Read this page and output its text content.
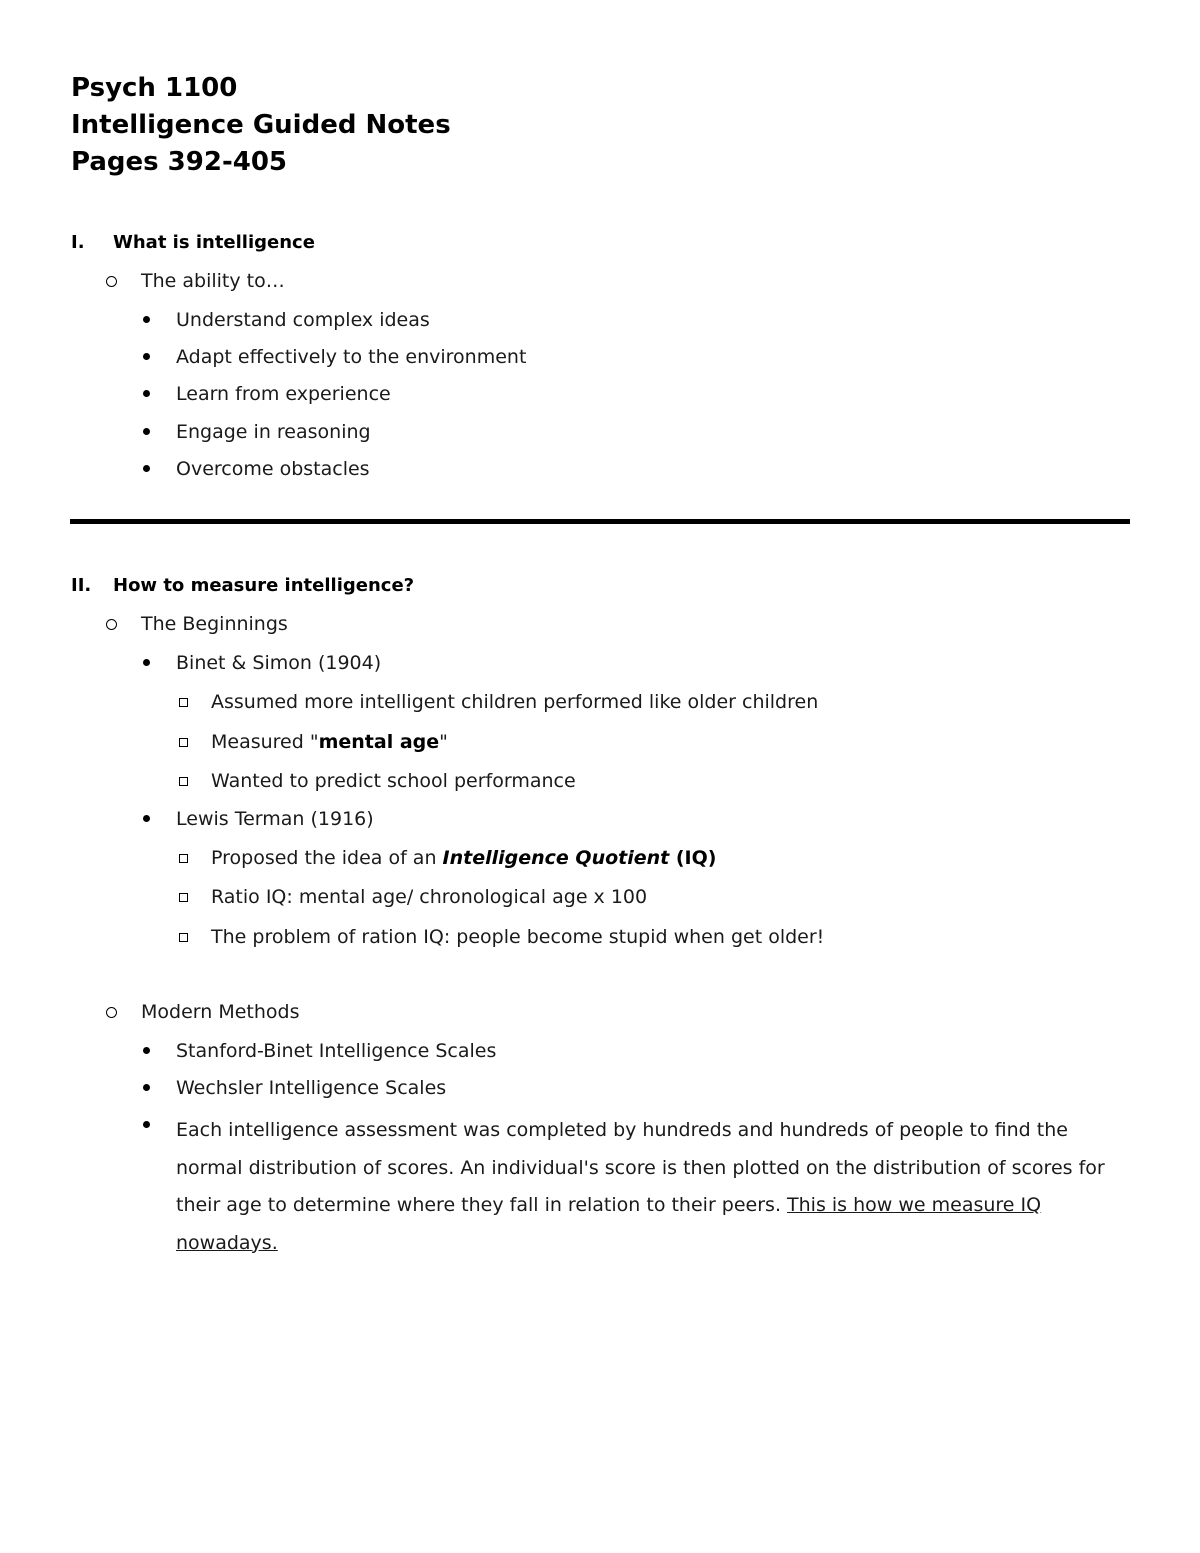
Psych 1100
Intelligence Guided Notes
Pages 392-405
I. What is intelligence
The ability to…
Understand complex ideas
Adapt effectively to the environment
Learn from experience
Engage in reasoning
Overcome obstacles
II. How to measure intelligence?
The Beginnings
Binet & Simon (1904)
Assumed more intelligent children performed like older children
Measured "mental age"
Wanted to predict school performance
Lewis Terman (1916)
Proposed the idea of an Intelligence Quotient (IQ)
Ratio IQ: mental age/ chronological age x 100
The problem of ration IQ: people become stupid when get older!
Modern Methods
Stanford-Binet Intelligence Scales
Wechsler Intelligence Scales
Each intelligence assessment was completed by hundreds and hundreds of people to find the normal distribution of scores. An individual's score is then plotted on the distribution of scores for their age to determine where they fall in relation to their peers. This is how we measure IQ nowadays.
